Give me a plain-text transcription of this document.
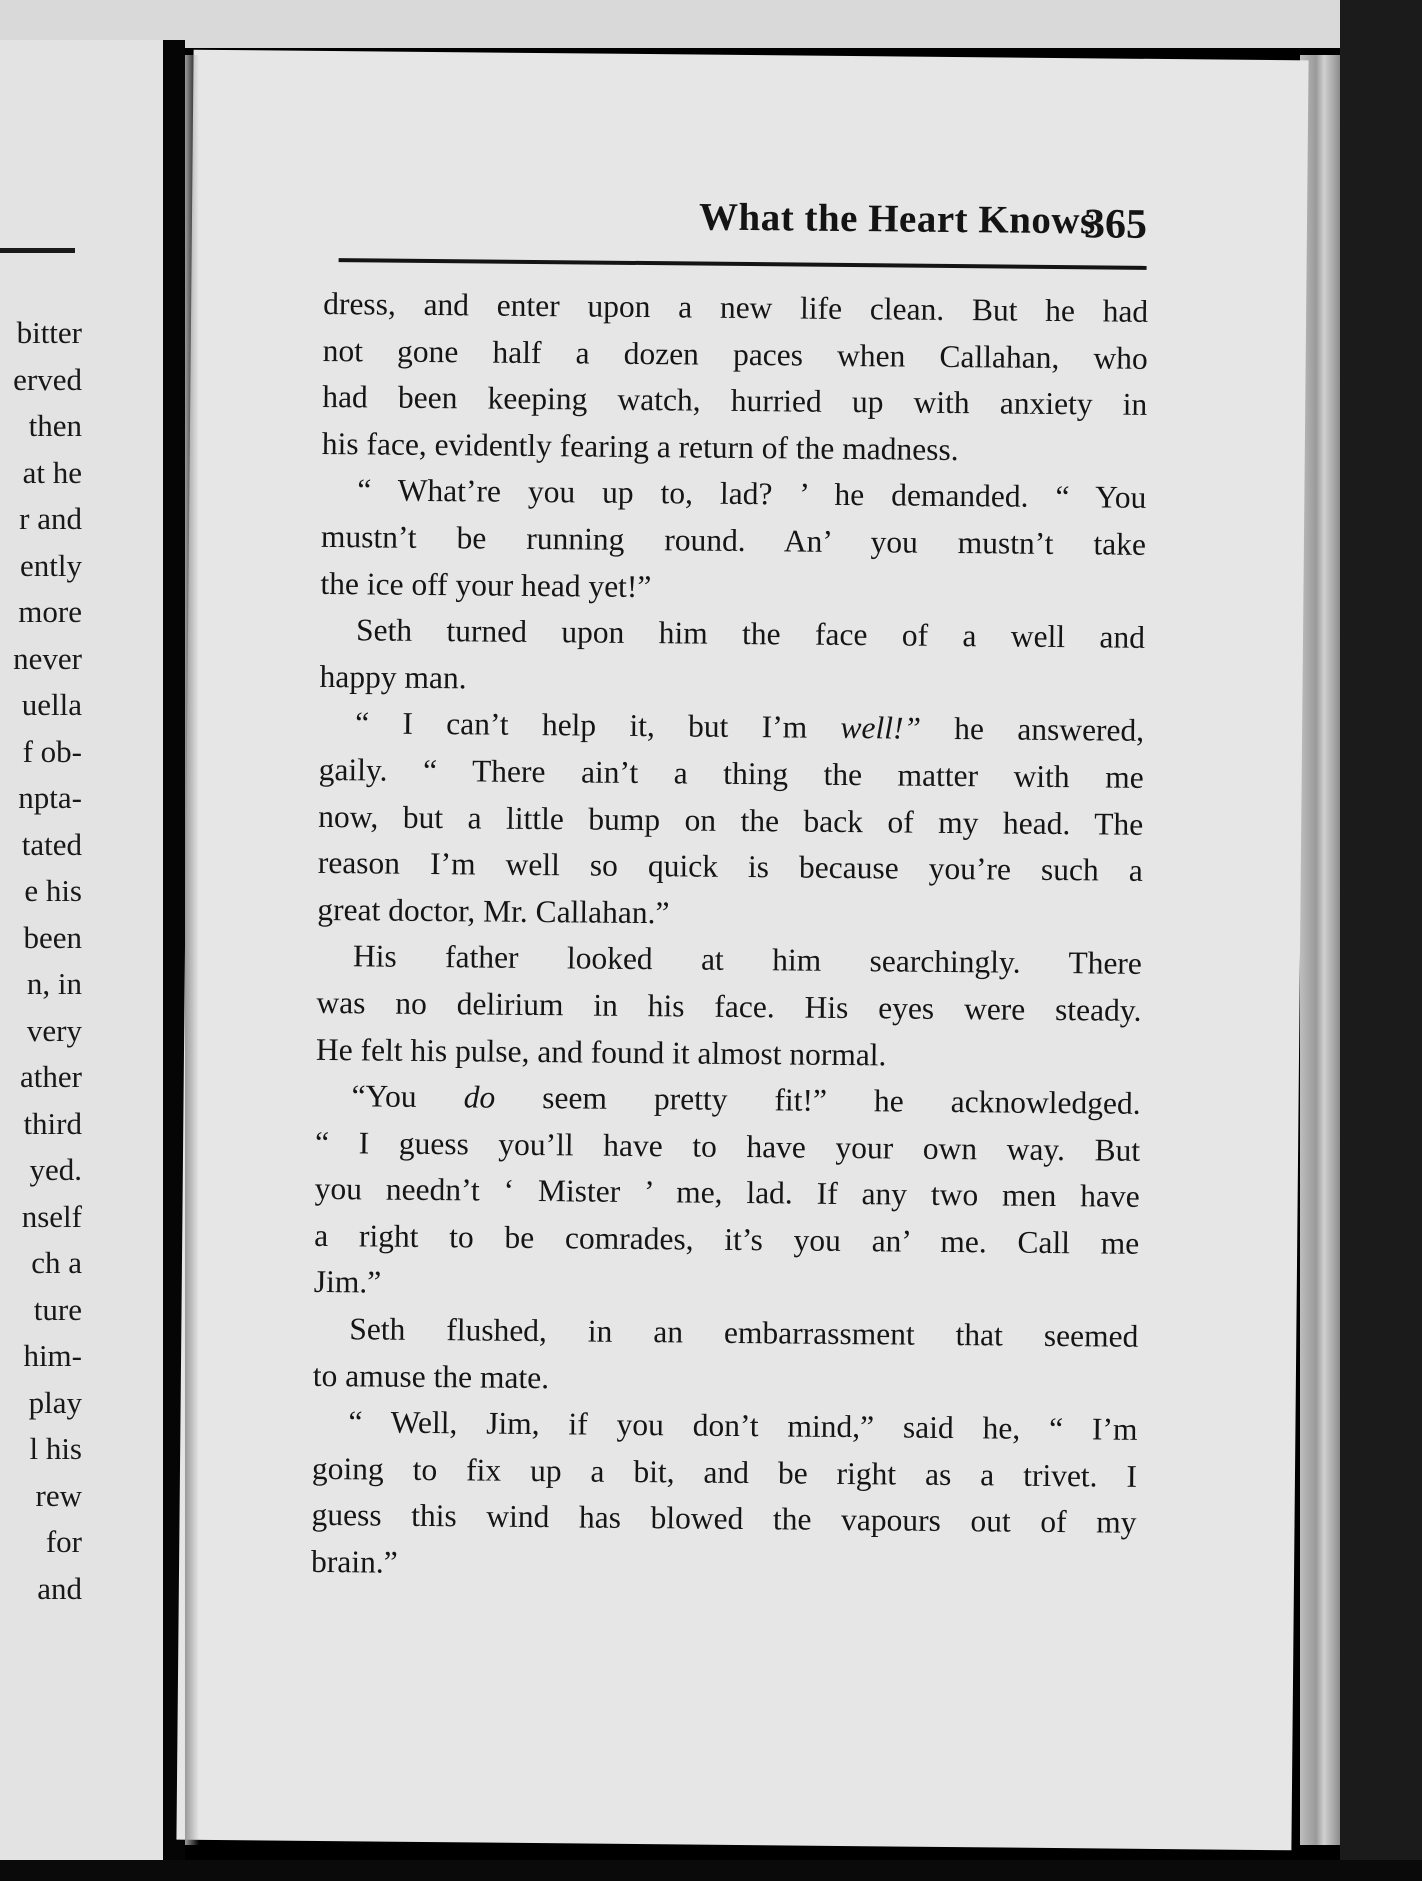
bitter
erved
then
at he
r and
ently
more
never
uella
f ob-
npta-
tated
e his
been
n, in
very
ather
third
yed.
nself
ch a
ture
him-
play
l his
rew
for
and
What the Heart Knows
365

dress, and enter upon a new life clean. But he had
not gone half a dozen paces when Callahan, who
had been keeping watch, hurried up with anxiety in
his face, evidently fearing a return of the madness.

“ What’re you up to, lad? ’ he demanded. “ You
mustn’t be running round. An’ you mustn’t take
the ice off your head yet!”

Seth turned upon him the face of a well and
happy man.

“ I can’t help it, but I’m well!” he answered,
gaily. “ There ain’t a thing the matter with me
now, but a little bump on the back of my head. The
reason I’m well so quick is because you’re such a
great doctor, Mr. Callahan.”

His father looked at him searchingly. There
was no delirium in his face. His eyes were steady.
He felt his pulse, and found it almost normal.

“You do seem pretty fit!” he acknowledged.
“ I guess you’ll have to have your own way. But
you needn’t ‘ Mister ’ me, lad. If any two men have
a right to be comrades, it’s you an’ me. Call me
Jim.”

Seth flushed, in an embarrassment that seemed
to amuse the mate.

“ Well, Jim, if you don’t mind,” said he, “ I’m
going to fix up a bit, and be right as a trivet. I
guess this wind has blowed the vapours out of my
brain.”
